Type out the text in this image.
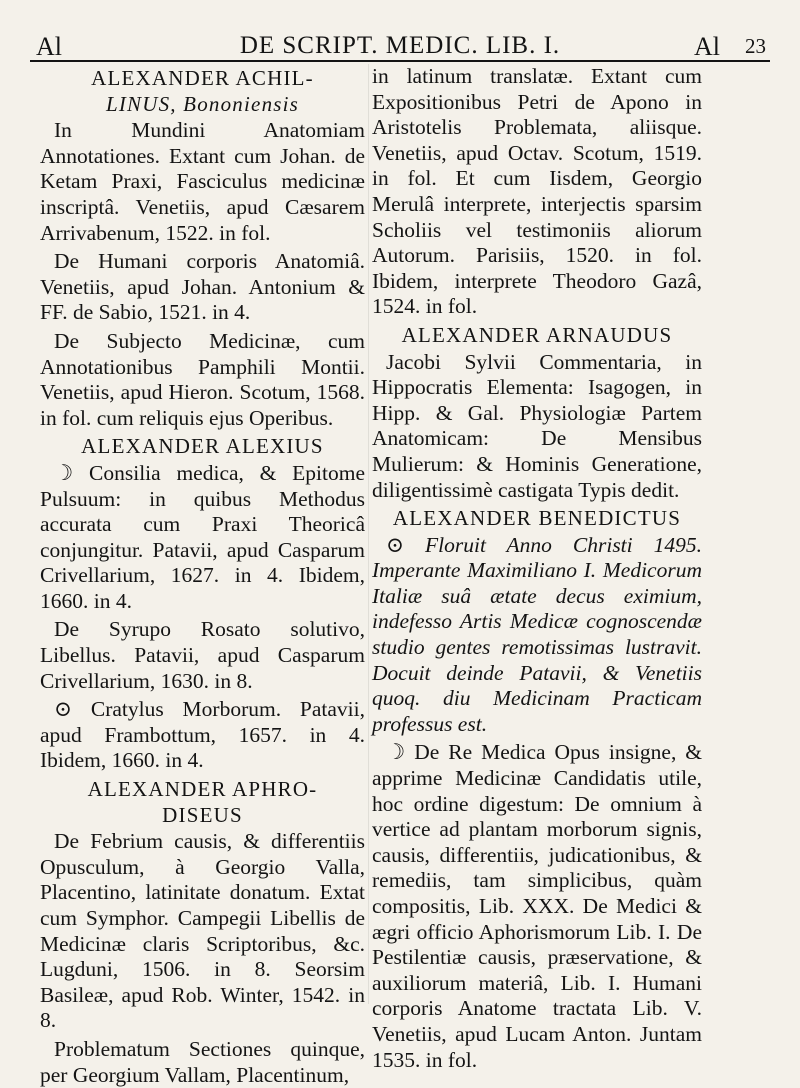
Al	DE SCRIPT. MEDIC. LIB. I.	Al 23
ALEXANDER ACHIL-
LINUS, Bononiensis

In Mundini Anatomiam Annotationes. Extant cum Johan. de Ketam Praxi, Fasciculus medicinæ inscriptâ. Venetiis, apud Cæsarem Arrivabenum, 1522. in fol.

De Humani corporis Anatomiâ. Venetiis, apud Johan. Antonium & FF. de Sabio, 1521. in 4.

De Subjecto Medicinæ, cum Annotationibus Pamphili Montii. Venetiis, apud Hieron. Scotum, 1568. in fol. cum reliquis ejus Operibus.

ALEXANDER ALEXIUS

☽ Consilia medica, & Epitome Pulsuum: in quibus Methodus accurata cum Praxi Theoricâ conjungitur. Patavii, apud Casparum Crivellarium, 1627. in 4. Ibidem, 1660. in 4.

De Syrupo Rosato solutivo, Libellus. Patavii, apud Casparum Crivellarium, 1630. in 8.

⊙ Cratylus Morborum. Patavii, apud Frambottum, 1657. in 4. Ibidem, 1660. in 4.

ALEXANDER APHRO-
DISEUS

De Febrium causis, & differentiis Opusculum, à Georgio Valla, Placentino, latinitate donatum. Extat cum Symphor. Campegii Libellis de Medicinæ claris Scriptoribus, &c. Lugduni, 1506. in 8. Seorsim Basileæ, apud Rob. Winter, 1542. in 8.

Problematum Sectiones quinque, per Georgium Vallam, Placentinum,

in latinum translatæ. Extant cum Expositionibus Petri de Apono in Aristotelis Problemata, aliisque. Venetiis, apud Octav. Scotum, 1519. in fol. Et cum Iisdem, Georgio Merulâ interprete, interjectis sparsim Scholiis vel testimoniis aliorum Autorum. Parisiis, 1520. in fol. Ibidem, interprete Theodoro Gazâ, 1524. in fol.

ALEXANDER ARNAUDUS

Jacobi Sylvii Commentaria, in Hippocratis Elementa: Isagogen, in Hipp. & Gal. Physiologiæ Partem Anatomicam: De Mensibus Mulierum: & Hominis Generatione, diligentissimè castigata Typis dedit.

ALEXANDER BENEDICTUS

⊙ Floruit Anno Christi 1495. Imperante Maximiliano I. Medicorum Italiæ suâ ætate decus eximium, indefesso Artis Medicæ cognoscendæ studio gentes remotissimas lustravit. Docuit deinde Patavii, & Venetiis quoq. diu Medicinam Practicam professus est.

☽ De Re Medica Opus insigne, & apprime Medicinæ Candidatis utile, hoc ordine digestum: De omnium à vertice ad plantam morborum signis, causis, differentiis, judicationibus, & remediis, tam simplicibus, quàm compositis, Lib. XXX. De Medici & ægri officio Aphorismorum Lib. I. De Pestilentiæ causis, præservatione, & auxiliorum materiâ, Lib. I. Humani corporis Anatome tractata Lib. V. Venetiis, apud Lucam Anton. Juntam 1535. in fol.
